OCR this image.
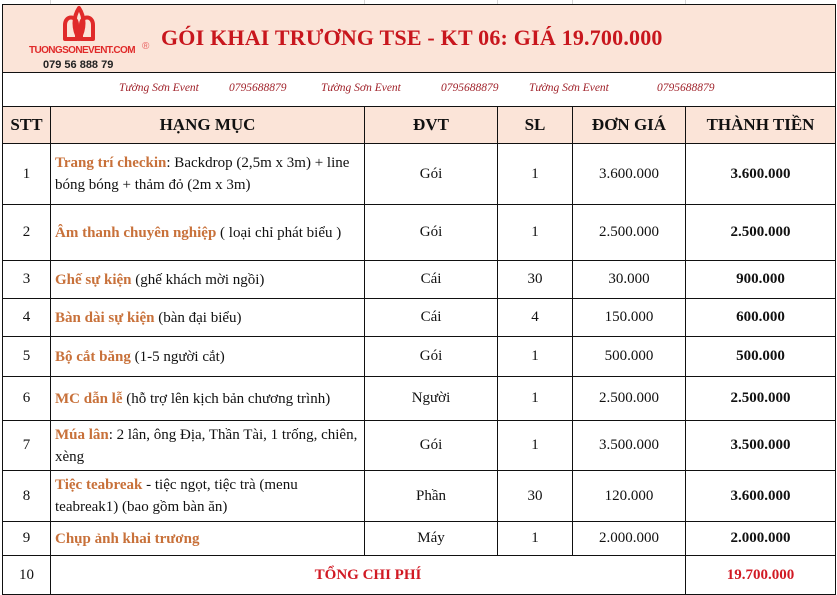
TUONGSONEVENT.COM ®
079 56 888 79
GÓI KHAI TRƯƠNG TSE - KT 06: GIÁ 19.700.000					

Tường Sơn Event	0795688879	Tường Sơn Event	0795688879	Tường Sơn Event	0795688879

STT	HẠNG MỤC	ĐVT	SL	ĐƠN GIÁ	THÀNH TIỀN
1	Trang trí checkin: Backdrop (2,5m x 3m) + line bóng bóng + thảm đỏ (2m x 3m)	Gói	1	3.600.000	3.600.000
2	Âm thanh chuyên nghiệp ( loại chỉ phát biểu )	Gói	1	2.500.000	2.500.000
3	Ghế sự kiện (ghế khách mời ngồi)	Cái	30	30.000	900.000
4	Bàn dài sự kiện (bàn đại biểu)	Cái	4	150.000	600.000
5	Bộ cắt băng (1-5 người cắt)	Gói	1	500.000	500.000
6	MC dẫn lễ (hỗ trợ lên kịch bản chương trình)	Người	1	2.500.000	2.500.000
7	Múa lân: 2 lân, ông Địa, Thần Tài, 1 trống, chiên, xèng	Gói	1	3.500.000	3.500.000
8	Tiệc teabreak - tiệc ngọt, tiệc trà (menu teabreak1) (bao gồm bàn ăn)	Phần	30	120.000	3.600.000
9	Chụp ảnh khai trương	Máy	1	2.000.000	2.000.000
10	TỔNG CHI PHÍ				19.700.000
